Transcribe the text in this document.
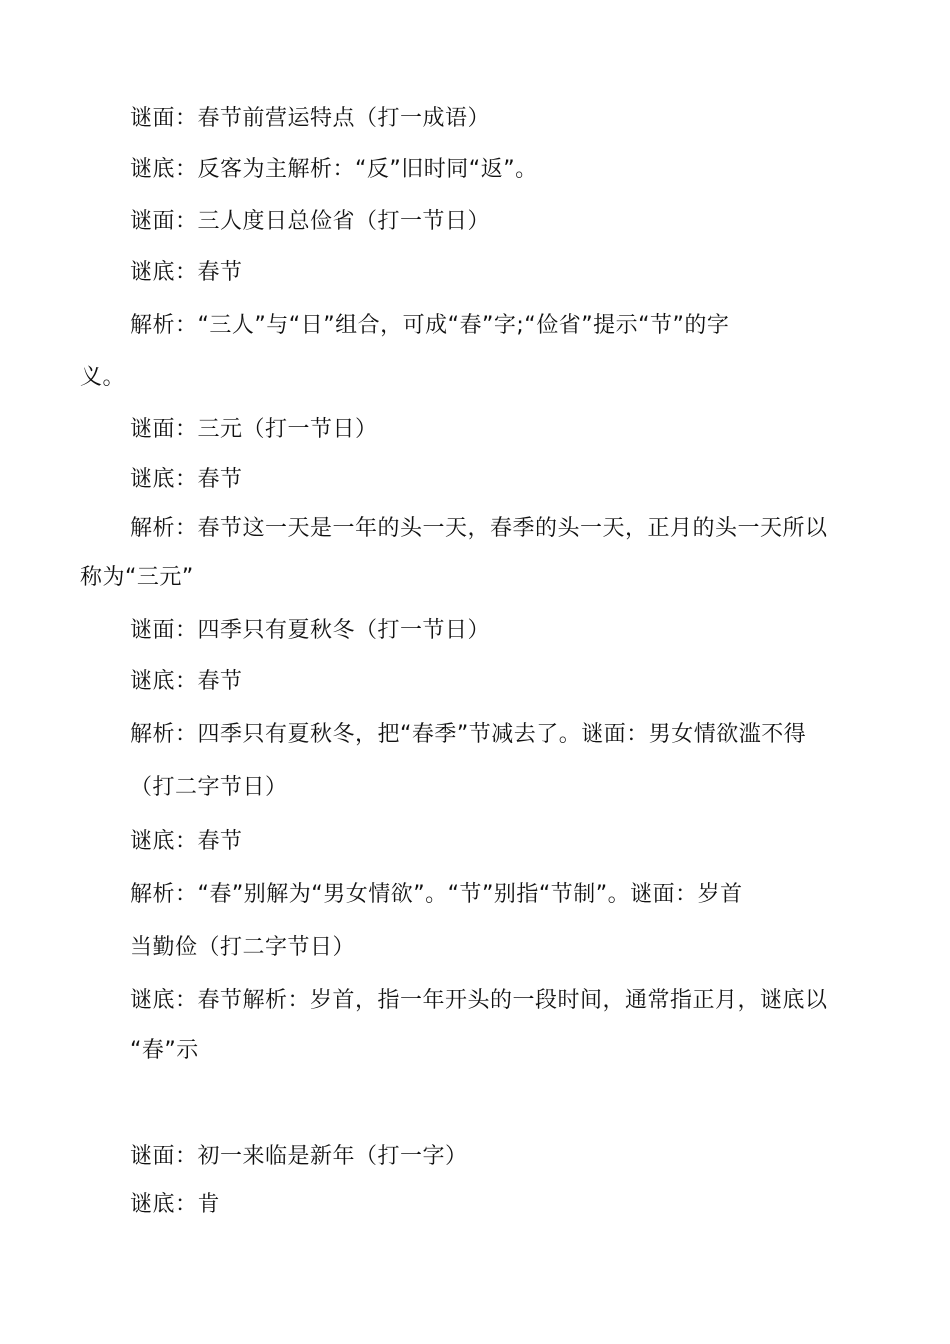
谜面：春节前营运特点（打一成语）
谜底：反客为主解析：“反”旧时同“返”。
谜面：三人度日总俭省（打一节日）
谜底：春节
解析：“三人”与“日”组合，可成“春”字;“俭省”提示“节”的字
义。
谜面：三元（打一节日）
谜底：春节
解析：春节这一天是一年的头一天，春季的头一天，正月的头一天所以
称为“三元”
谜面：四季只有夏秋冬（打一节日）
谜底：春节
解析：四季只有夏秋冬，把“春季”节减去了。谜面：男女情欲滥不得
（打二字节日）
谜底：春节
解析：“春”别解为“男女情欲”。“节”别指“节制”。谜面：岁首
当勤俭（打二字节日）
谜底：春节解析：岁首，指一年开头的一段时间，通常指正月，谜底以
“春”示
谜面：初一来临是新年（打一字）
谜底：肯
